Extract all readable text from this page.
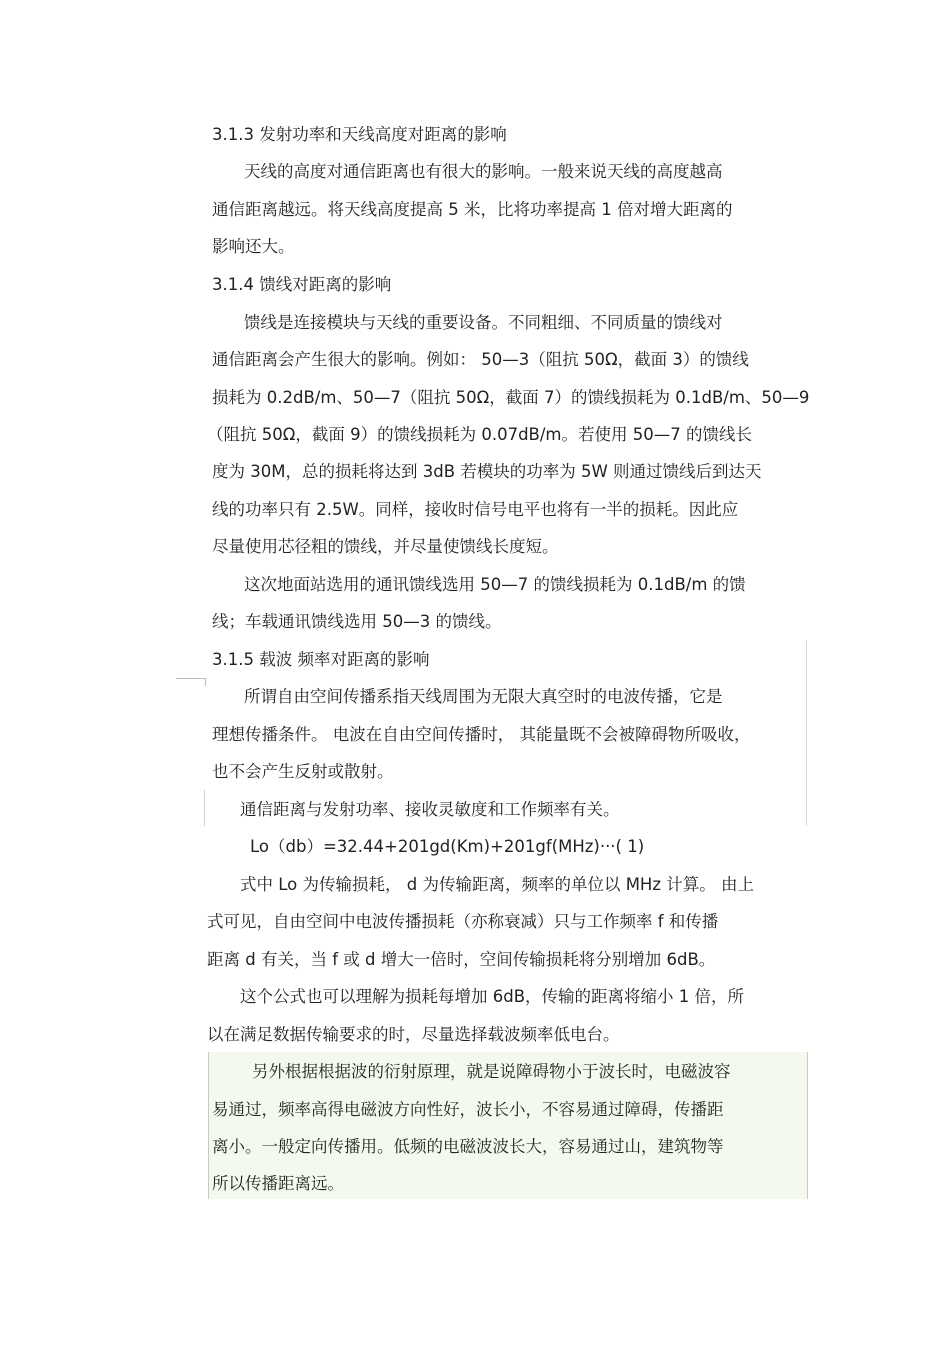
3.1.3 发射功率和天线高度对距离的影响
天线的高度对通信距离也有很大的影响。一般来说天线的高度越高
通信距离越远。将天线高度提高 5 米，比将功率提高 1 倍对增大距离的
影响还大。
3.1.4 馈线对距离的影响
馈线是连接模块与天线的重要设备。不同粗细、不同质量的馈线对
通信距离会产生很大的影响。例如： 50—3（阻抗 50Ω，截面 3）的馈线
损耗为 0.2dB/m、50—7（阻抗 50Ω，截面 7）的馈线损耗为 0.1dB/m、50—9
（阻抗 50Ω，截面 9）的馈线损耗为 0.07dB/m。若使用 50—7 的馈线长
度为 30M，总的损耗将达到 3dB 若模块的功率为 5W 则通过馈线后到达天
线的功率只有 2.5W。同样，接收时信号电平也将有一半的损耗。因此应
尽量使用芯径粗的馈线，并尽量使馈线长度短。
这次地面站选用的通讯馈线选用 50—7 的馈线损耗为 0.1dB/m 的馈
线；车载通讯馈线选用 50—3 的馈线。
3.1.5 载波 频率对距离的影响
所谓自由空间传播系指天线周围为无限大真空时的电波传播，它是
理想传播条件。 电波在自由空间传播时， 其能量既不会被障碍物所吸收，
也不会产生反射或散射。
通信距离与发射功率、接收灵敏度和工作频率有关。
Lo（db）=32.44+201gd(Km)+201gf(MHz)···( 1)
式中 Lo 为传输损耗， d 为传输距离，频率的单位以 MHz 计算。 由上
式可见，自由空间中电波传播损耗（亦称衰减）只与工作频率 f 和传播
距离 d 有关，当 f 或 d 增大一倍时，空间传输损耗将分别增加 6dB。
这个公式也可以理解为损耗每增加 6dB，传输的距离将缩小 1 倍，所
以在满足数据传输要求的时，尽量选择载波频率低电台。
另外根据根据波的衍射原理，就是说障碍物小于波长时，电磁波容
易通过，频率高得电磁波方向性好，波长小，不容易通过障碍，传播距
离小。一般定向传播用。低频的电磁波波长大，容易通过山，建筑物等
所以传播距离远。
